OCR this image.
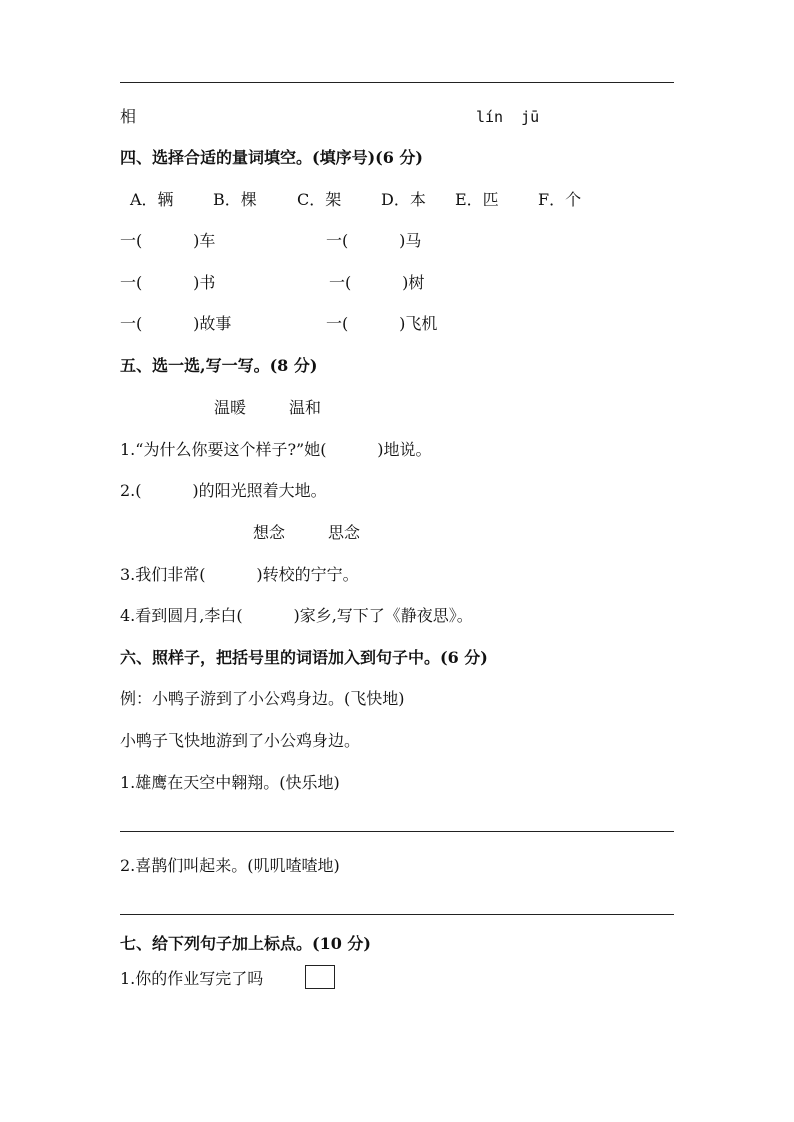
相	lín  jū
四、选择合适的量词填空。(填序号)(6 分)
A．辆 B．棵	C．架 D．本 E．匹 F．个
一(          )车	一(          )马
一(          )书	一(          )树
一(          )故事	一(          )飞机
五、选一选,写一写。(8 分)
温暖	温和
1.“为什么你要这个样子?”她(          )地说。
2.(          )的阳光照着大地。
想念	思念
3.我们非常(          )转校的宁宁。
4.看到圆月,李白(          )家乡,写下了《静夜思》。
六、照样子，把括号里的词语加入到句子中。(6 分)
例：小鸭子游到了小公鸡身边。(飞快地)
小鸭子飞快地游到了小公鸡身边。
1.雄鹰在天空中翱翔。(快乐地)
2.喜鹊们叫起来。(叽叽喳喳地)
七、给下列句子加上标点。(10 分)
1.你的作业写完了吗
